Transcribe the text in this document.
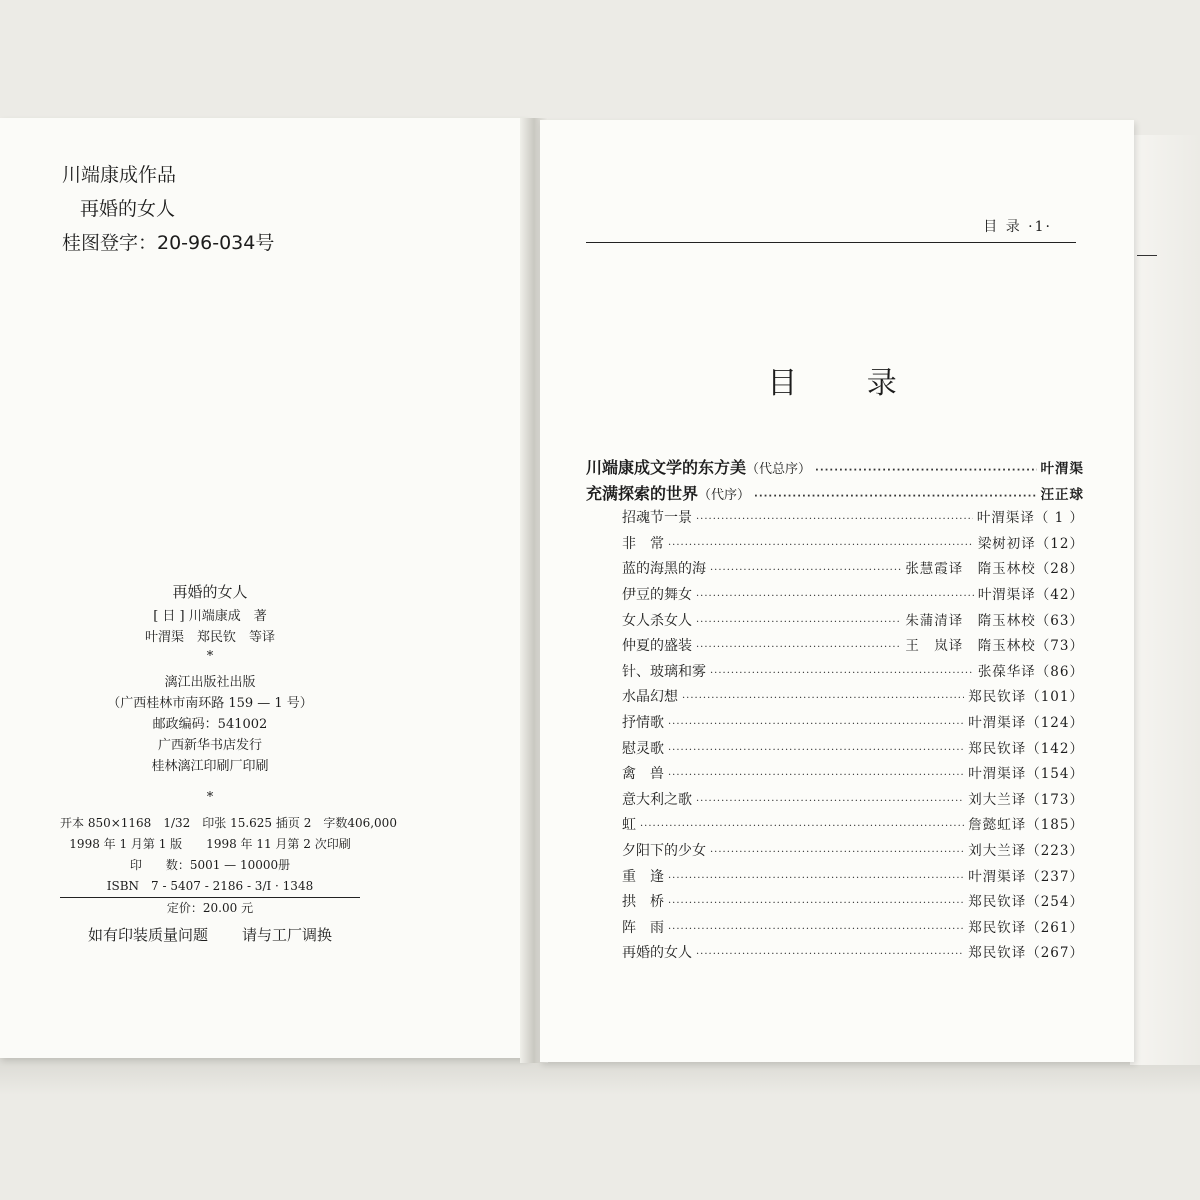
川端康成作品
再婚的女人
桂图登字：20-96-034号
再婚的女人
[ 日 ] 川端康成　著
叶渭渠　郑民钦　等译
*
漓江出版社出版
（广西桂林市南环路 159 — 1 号）
邮政编码：541002
广西新华书店发行
桂林漓江印刷厂印刷
*
开本 850×1168　1/32　印张 15.625 插页 2　字数406,000
1998 年 1 月第 1 版　　1998 年 11 月第 2 次印刷
印　　数：5001 — 10000册
ISBN　7 - 5407 - 2186 - 3/I · 1348
定价：20.00 元
如有印装质量问题 请与工厂调换
目 录 ·1·
目 录
川端康成文学的东方美 （代总序） ·····	叶渭渠
充满探索的世界 （代序） ·····	汪正球
招魂节一景 ·····	叶渭渠译（ 1 ）
非　常 ·····	梁树初译（12）
蓝的海黑的海 ·····	张慧霞译　隋玉林校（28）
伊豆的舞女 ·····	叶渭渠译（42）
女人杀女人 ·····	朱蒲清译　隋玉林校（63）
仲夏的盛装 ·····	王　岚译　隋玉林校（73）
针、玻璃和雾 ·····	张葆华译（86）
水晶幻想 ·····	郑民钦译（101）
抒情歌 ·····	叶渭渠译（124）
慰灵歌 ·····	郑民钦译（142）
禽　兽 ·····	叶渭渠译（154）
意大利之歌 ·····	刘大兰译（173）
虹 ·····	詹懿虹译（185）
夕阳下的少女 ·····	刘大兰译（223）
重　逢 ·····	叶渭渠译（237）
拱　桥 ·····	郑民钦译（254）
阵　雨 ·····	郑民钦译（261）
再婚的女人 ·····	郑民钦译（267）
